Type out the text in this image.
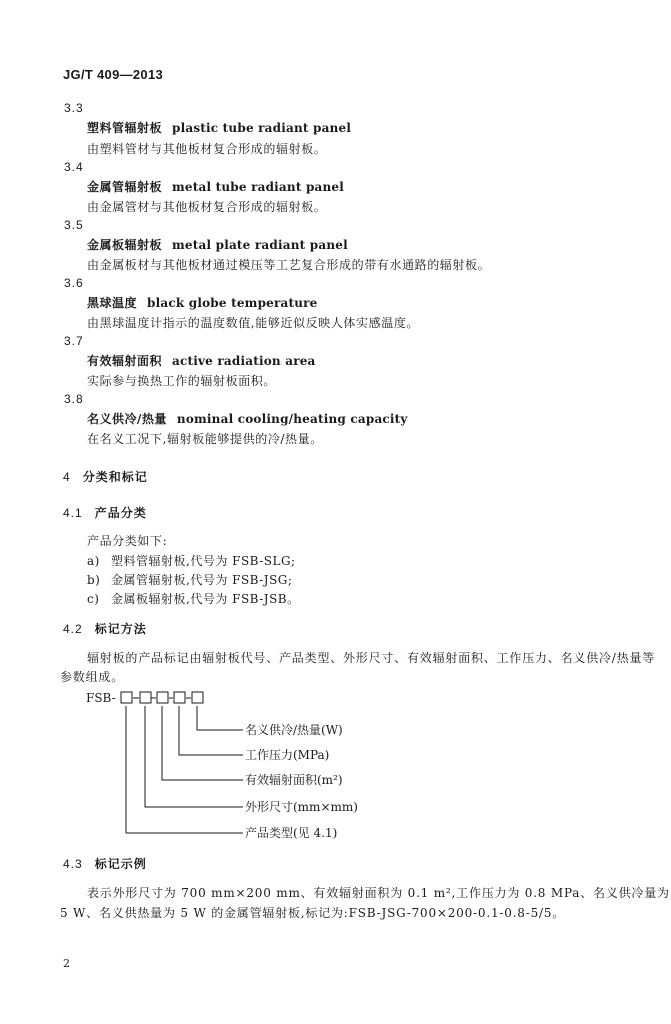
JG/T 409—2013
3.3
塑料管辐射板 plastic tube radiant panel
由塑料管材与其他板材复合形成的辐射板。
3.4
金属管辐射板 metal tube radiant panel
由金属管材与其他板材复合形成的辐射板。
3.5
金属板辐射板 metal plate radiant panel
由金属板材与其他板材通过模压等工艺复合形成的带有水通路的辐射板。
3.6
黑球温度 black globe temperature
由黑球温度计指示的温度数值,能够近似反映人体实感温度。
3.7
有效辐射面积 active radiation area
实际参与换热工作的辐射板面积。
3.8
名义供冷/热量 nominal cooling/heating capacity
在名义工况下,辐射板能够提供的冷/热量。
4 分类和标记
4.1 产品分类
产品分类如下:
a) 塑料管辐射板,代号为 FSB-SLG;
b) 金属管辐射板,代号为 FSB-JSG;
c) 金属板辐射板,代号为 FSB-JSB。
4.2 标记方法
辐射板的产品标记由辐射板代号、产品类型、外形尺寸、有效辐射面积、工作压力、名义供冷/热量等
参数组成。
FSB-
名义供冷/热量(W)
工作压力(MPa)
有效辐射面积(m²)
外形尺寸(mm×mm)
产品类型(见 4.1)
4.3 标记示例
表示外形尺寸为 700 mm×200 mm、有效辐射面积为 0.1 m²,工作压力为 0.8 MPa、名义供冷量为
5 W、名义供热量为 5 W 的金属管辐射板,标记为:FSB-JSG-700×200-0.1-0.8-5/5。
2
